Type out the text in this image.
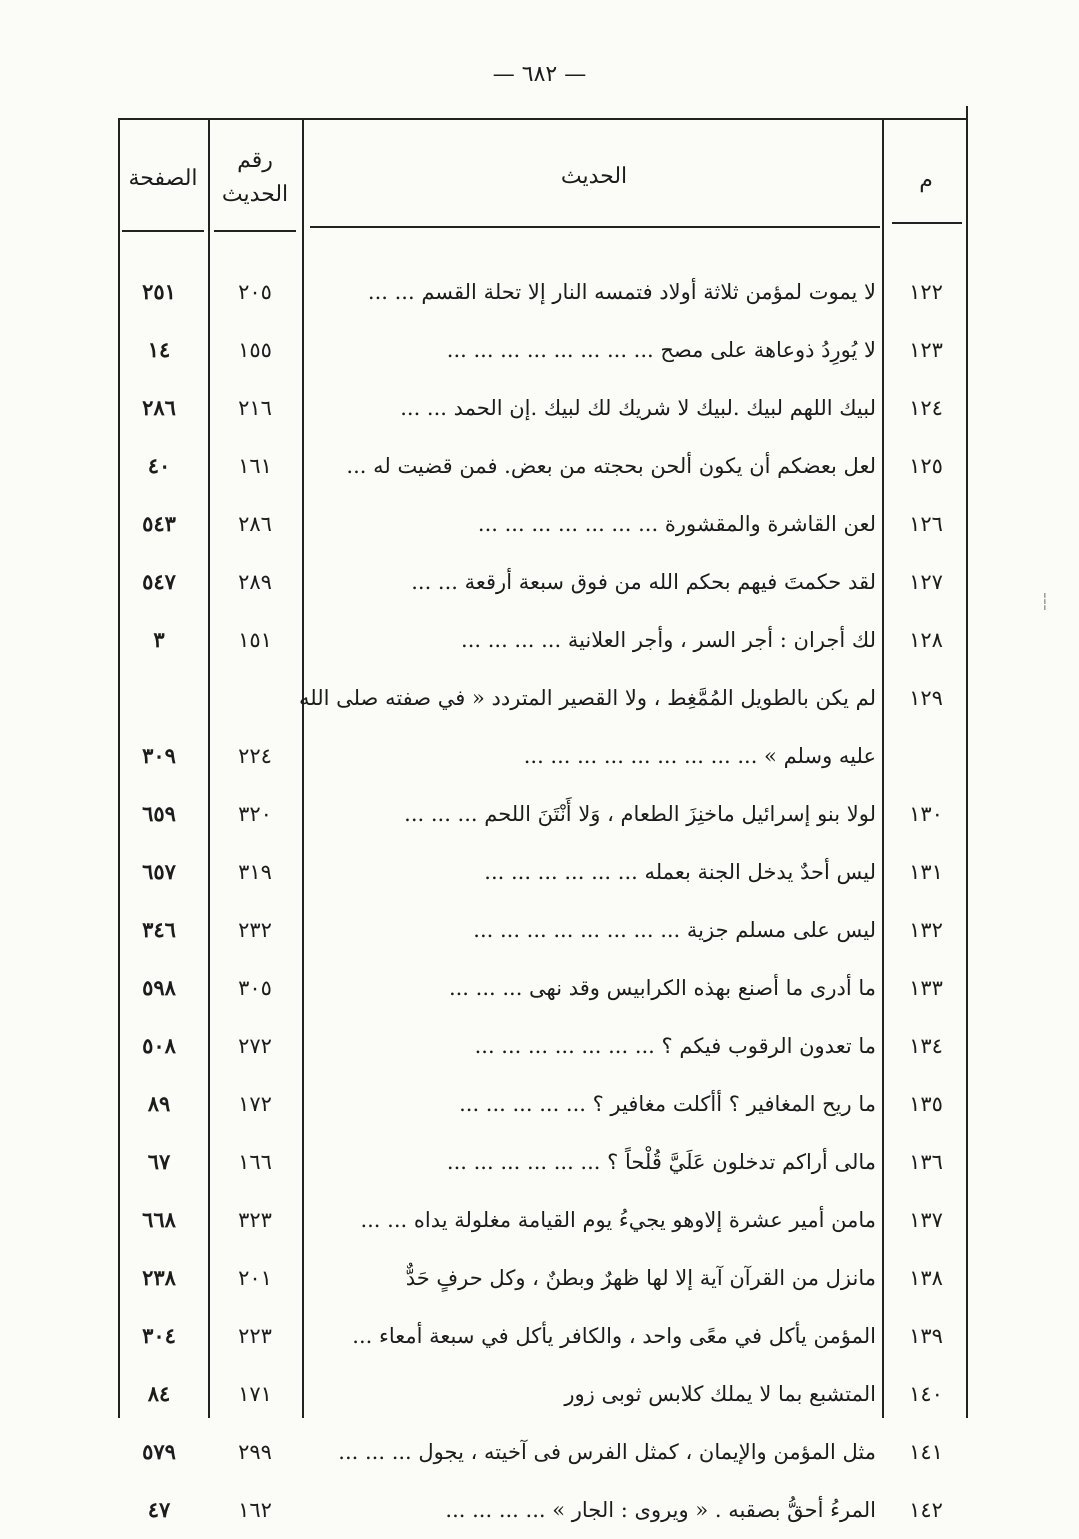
— ٦٨٢ —
م
الحديث
رقم
الحديث
الصفحة
١٢٢
لا يموت لمؤمن ثلاثة أولاد فتمسه النار إلا تحلة القسم ... ...
٢٠٥
٢٥١
١٢٣
لا يُورِدُ ذوعاهة على مصح ... ... ... ... ... ... ... ...
١٥٥
١٤
١٢٤
لبيك اللهم لبيك .لبيك لا شريك لك لبيك .إن الحمد ... ...
٢١٦
٢٨٦
١٢٥
لعل بعضكم أن يكون ألحن بحجته من بعض. فمن قضيت له ...
١٦١
٤٠
١٢٦
لعن القاشرة والمقشورة ... ... ... ... ... ... ...
٢٨٦
٥٤٣
١٢٧
لقد حكمتَ فيهم بحكم الله من فوق سبعة أرقعة ... ...
٢٨٩
٥٤٧
١٢٨
لك أجران : أجر السر ، وأجر العلانية ... ... ... ...
١٥١
٣
١٢٩
لم يكن بالطويل المُمَّغِط ، ولا القصير المتردد « في صفته صلى الله
عليه وسلم » ... ... ... ... ... ... ... ... ...
٢٢٤
٣٠٩
١٣٠
لولا بنو إسرائيل ماخنِزَ الطعام ، وَلا أَنْتَنَ اللحم ... ... ...
٣٢٠
٦٥٩
١٣١
ليس أحدٌ يدخل الجنة بعمله ... ... ... ... ... ...
٣١٩
٦٥٧
١٣٢
ليس على مسلم جزية ... ... ... ... ... ... ... ...
٢٣٢
٣٤٦
١٣٣
ما أدرى ما أصنع بهذه الكرابيس وقد نهى ... ... ...
٣٠٥
٥٩٨
١٣٤
ما تعدون الرقوب فيكم ؟ ... ... ... ... ... ... ...
٢٧٢
٥٠٨
١٣٥
ما ريح المغافير ؟ أأكلت مغافير ؟ ... ... ... ... ...
١٧٢
٨٩
١٣٦
مالى أراكم تدخلون عَلَيَّ قُلْحاً ؟ ... ... ... ... ... ...
١٦٦
٦٧
١٣٧
مامن أمير عشرة إلاوهو يجيءُ يوم القيامة مغلولة يداه ... ...
٣٢٣
٦٦٨
١٣٨
مانزل من القرآن آية إلا لها ظهرٌ وبطنٌ ، وكل حرفٍ حَدٌّ
٢٠١
٢٣٨
١٣٩
المؤمن يأكل في معًى واحد ، والكافر يأكل في سبعة أمعاء ...
٢٢٣
٣٠٤
١٤٠
المتشبع بما لا يملك كلابس ثوبى زور
١٧١
٨٤
١٤١
مثل المؤمن والإيمان ، كمثل الفرس فى آخيته ، يجول ... ... ...
٢٩٩
٥٧٩
١٤٢
المرءُ أحقُّ بصقبه . « ويروى : الجار » ... ... ... ...
١٦٢
٤٧
┆
